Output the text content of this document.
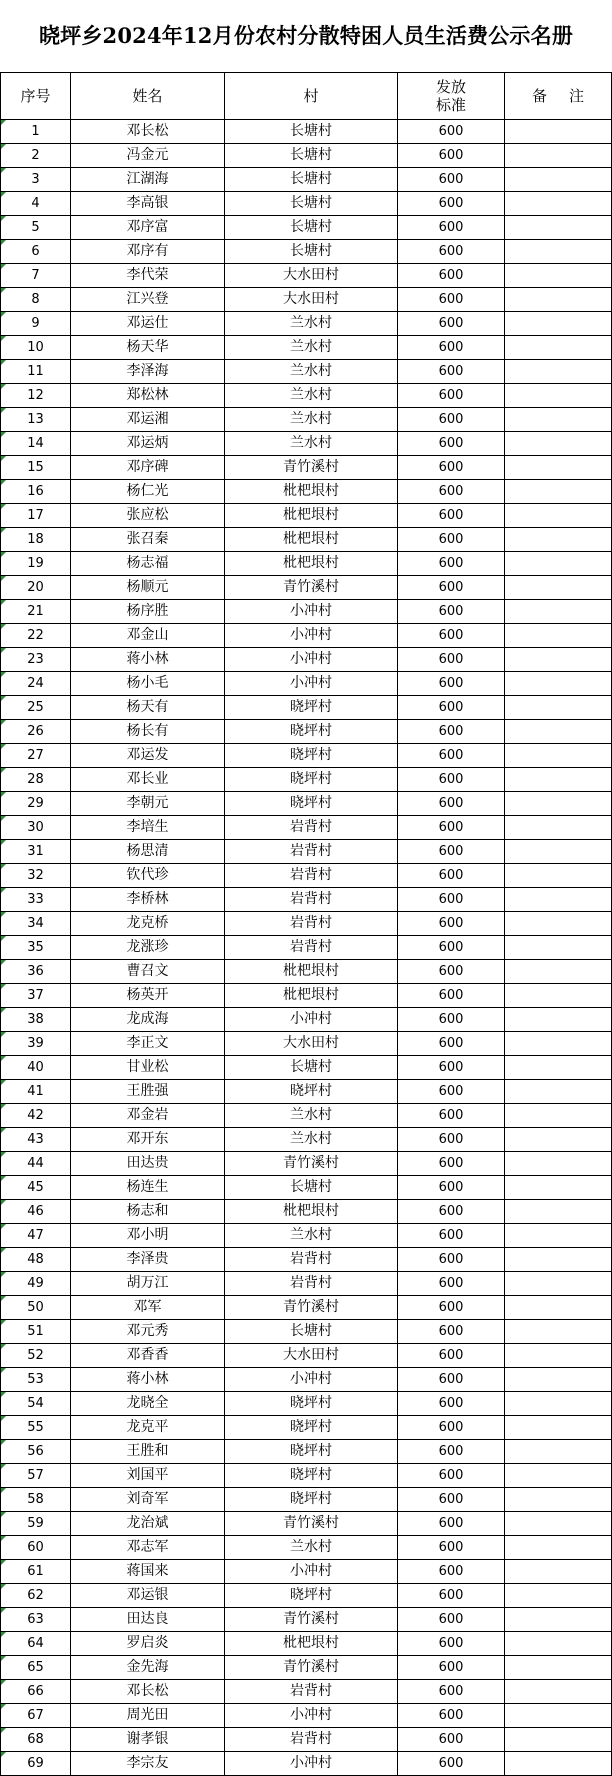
晓坪乡2024年12月份农村分散特困人员生活费公示名册
序号	姓名	村	发放标准	备注
1	邓长松	长塘村	600	
2	冯金元	长塘村	600	
3	江湖海	长塘村	600	
4	李高银	长塘村	600	
5	邓序富	长塘村	600	
6	邓序有	长塘村	600	
7	李代荣	大水田村	600	
8	江兴登	大水田村	600	
9	邓运仕	兰水村	600	
10	杨天华	兰水村	600	
11	李泽海	兰水村	600	
12	郑松林	兰水村	600	
13	邓运湘	兰水村	600	
14	邓运炳	兰水村	600	
15	邓序碑	青竹溪村	600	
16	杨仁光	枇杷垠村	600	
17	张应松	枇杷垠村	600	
18	张召秦	枇杷垠村	600	
19	杨志福	枇杷垠村	600	
20	杨顺元	青竹溪村	600	
21	杨序胜	小冲村	600	
22	邓金山	小冲村	600	
23	蒋小林	小冲村	600	
24	杨小毛	小冲村	600	
25	杨天有	晓坪村	600	
26	杨长有	晓坪村	600	
27	邓运发	晓坪村	600	
28	邓长业	晓坪村	600	
29	李朝元	晓坪村	600	
30	李培生	岩背村	600	
31	杨思清	岩背村	600	
32	钦代珍	岩背村	600	
33	李桥林	岩背村	600	
34	龙克桥	岩背村	600	
35	龙涨珍	岩背村	600	
36	曹召文	枇杷垠村	600	
37	杨英开	枇杷垠村	600	
38	龙成海	小冲村	600	
39	李正文	大水田村	600	
40	甘业松	长塘村	600	
41	王胜强	晓坪村	600	
42	邓金岩	兰水村	600	
43	邓开东	兰水村	600	
44	田达贵	青竹溪村	600	
45	杨连生	长塘村	600	
46	杨志和	枇杷垠村	600	
47	邓小明	兰水村	600	
48	李泽贵	岩背村	600	
49	胡万江	岩背村	600	
50	邓军	青竹溪村	600	
51	邓元秀	长塘村	600	
52	邓香香	大水田村	600	
53	蒋小林	小冲村	600	
54	龙晓全	晓坪村	600	
55	龙克平	晓坪村	600	
56	王胜和	晓坪村	600	
57	刘国平	晓坪村	600	
58	刘奇军	晓坪村	600	
59	龙治斌	青竹溪村	600	
60	邓志军	兰水村	600	
61	蒋国来	小冲村	600	
62	邓运银	晓坪村	600	
63	田达良	青竹溪村	600	
64	罗启炎	枇杷垠村	600	
65	金先海	青竹溪村	600	
66	邓长松	岩背村	600	
67	周光田	小冲村	600	
68	谢孝银	岩背村	600	
69	李宗友	小冲村	600	
